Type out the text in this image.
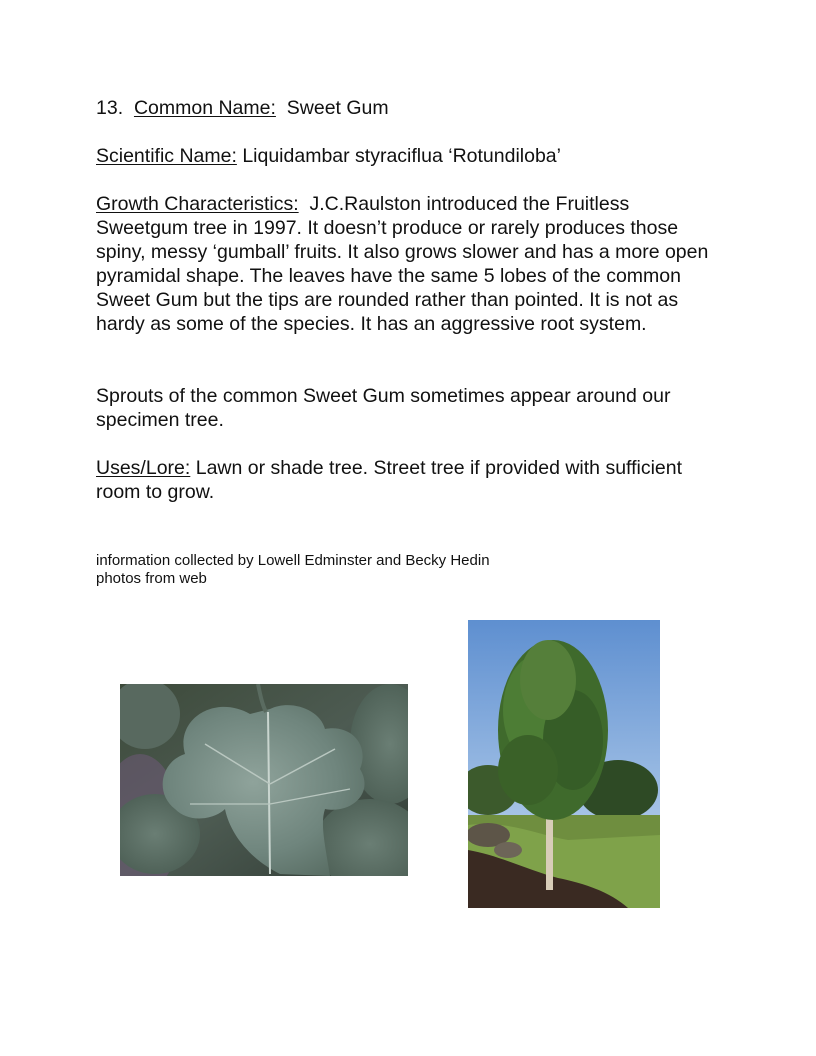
13. Common Name: Sweet Gum

Scientific Name: Liquidambar styraciflua ‘Rotundiloba’

Growth Characteristics: J.C.Raulston introduced the Fruitless Sweetgum tree in 1997. It doesn’t produce or rarely produces those spiny, messy ‘gumball’ fruits. It also grows slower and has a more open pyramidal shape. The leaves have the same 5 lobes of the common Sweet Gum but the tips are rounded rather than pointed. It is not as hardy as some of the species. It has an aggressive root system.

Sprouts of the common Sweet Gum sometimes appear around our specimen tree.

Uses/Lore: Lawn or shade tree. Street tree if provided with sufficient room to grow.

information collected by Lowell Edminster and Becky Hedin
photos from web
